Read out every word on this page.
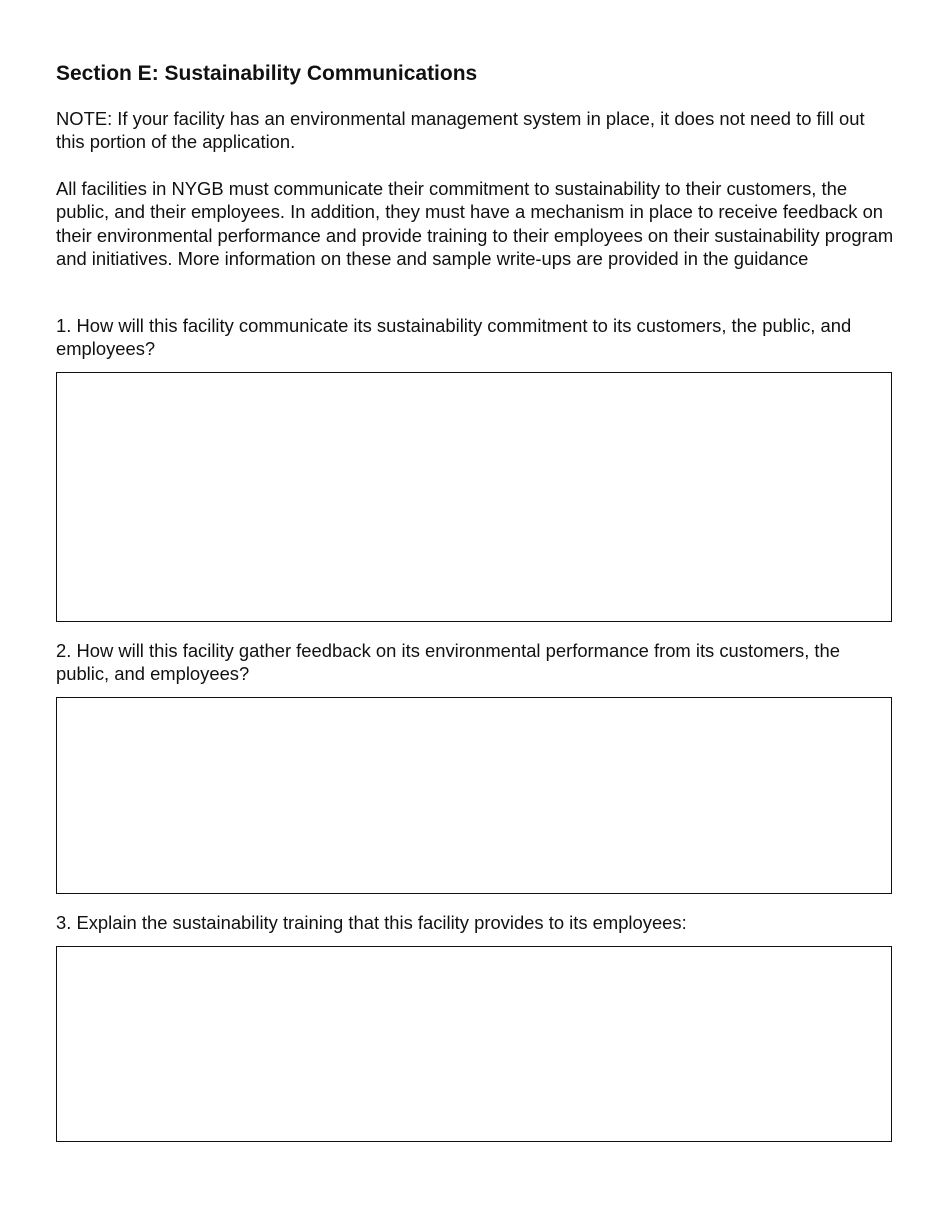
Section E: Sustainability Communications

NOTE: If your facility has an environmental management system in place, it does not need to fill out this portion of the application.

All facilities in NYGB must communicate their commitment to sustainability to their customers, the public, and their employees. In addition, they must have a mechanism in place to receive feedback on their environmental performance and provide training to their employees on their sustainability program and initiatives. More information on these and sample write-ups are provided in the guidance

1. How will this facility communicate its sustainability commitment to its customers, the public, and employees?

2. How will this facility gather feedback on its environmental performance from its customers, the public, and employees?

3. Explain the sustainability training that this facility provides to its employees:
